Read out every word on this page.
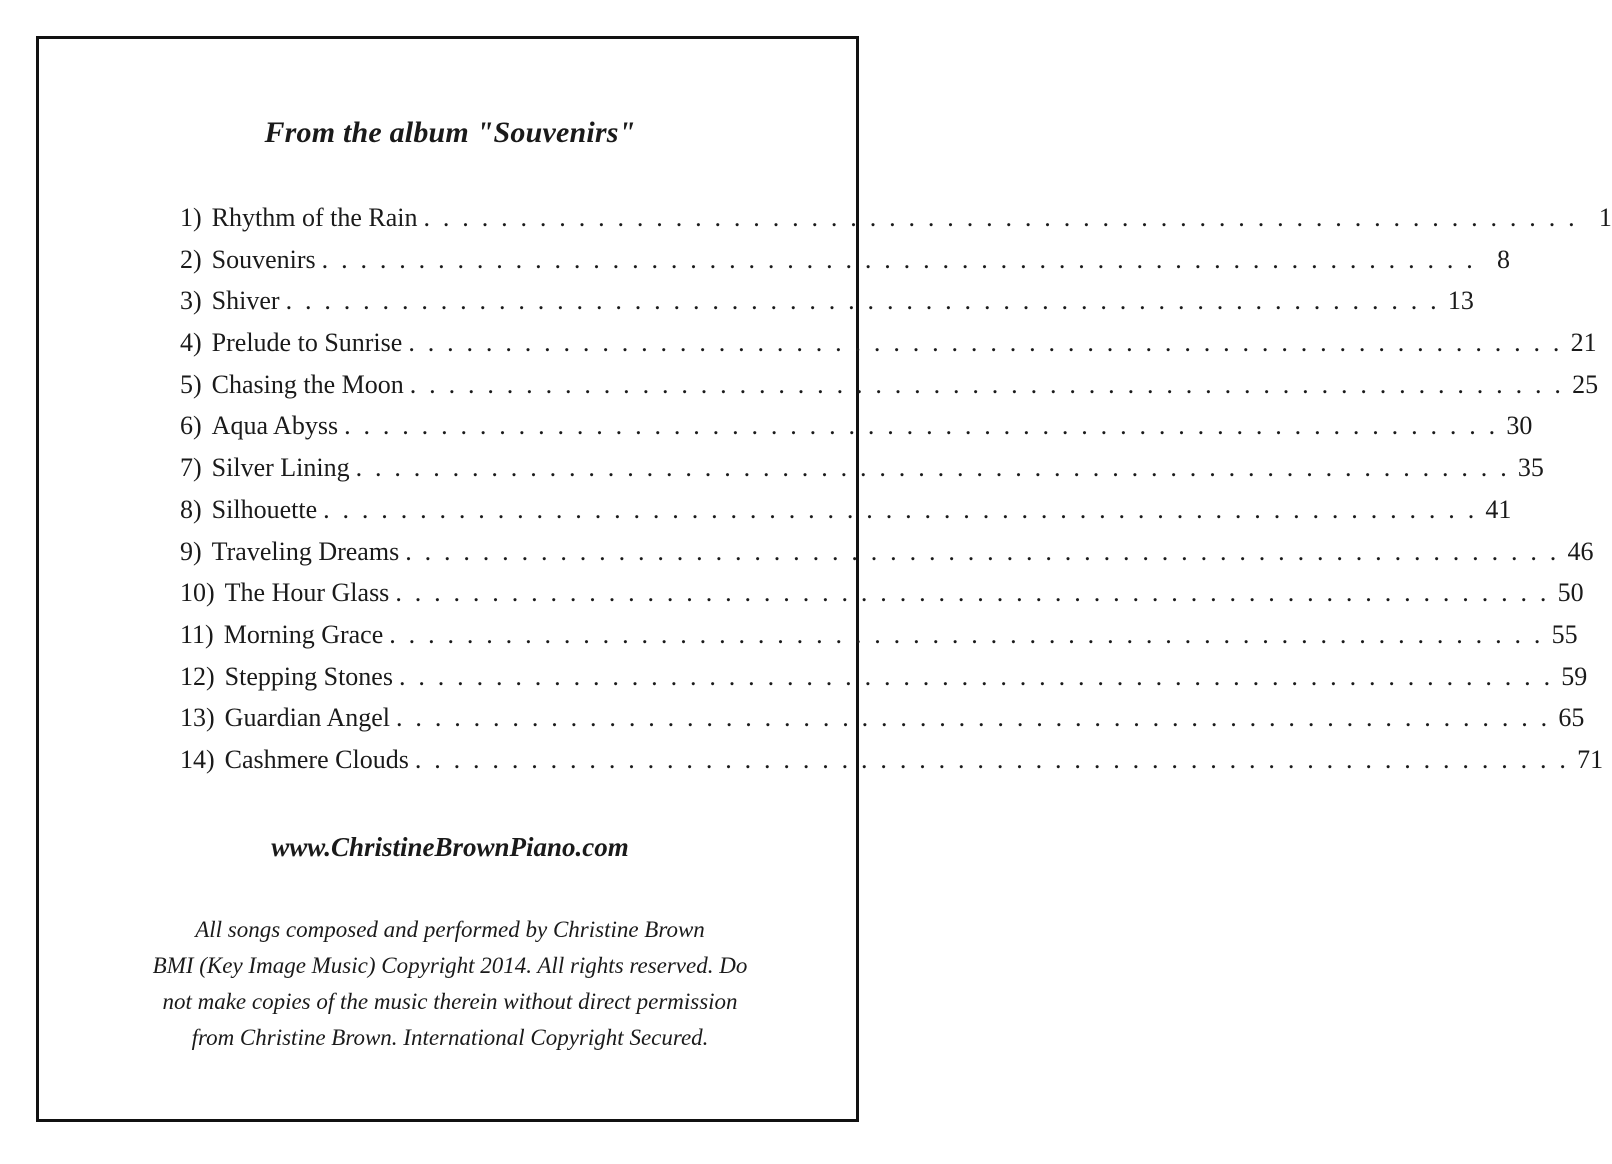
From the album "Souvenirs"
1) Rhythm of the Rain . . . . . . . . . . . . . . . . . . . . . . . . . . . . . . . . . . . . . . . . . . . . . . . . . . . . . . . . . . . . 1
2) Souvenirs . . . . . . . . . . . . . . . . . . . . . . . . . . . . . . . . . . . . . . . . . . . . . . . . . . . . . . . . . . . . 8
3) Shiver . . . . . . . . . . . . . . . . . . . . . . . . . . . . . . . . . . . . . . . . . . . . . . . . . . . . . . . . . . . . 13
4) Prelude to Sunrise . . . . . . . . . . . . . . . . . . . . . . . . . . . . . . . . . . . . . . . . . . . . . . . . . . . . . . . . . . . . 21
5) Chasing the Moon . . . . . . . . . . . . . . . . . . . . . . . . . . . . . . . . . . . . . . . . . . . . . . . . . . . . . . . . . . . . 25
6) Aqua Abyss . . . . . . . . . . . . . . . . . . . . . . . . . . . . . . . . . . . . . . . . . . . . . . . . . . . . . . . . . . . . 30
7) Silver Lining . . . . . . . . . . . . . . . . . . . . . . . . . . . . . . . . . . . . . . . . . . . . . . . . . . . . . . . . . . . . 35
8) Silhouette . . . . . . . . . . . . . . . . . . . . . . . . . . . . . . . . . . . . . . . . . . . . . . . . . . . . . . . . . . . . 41
9) Traveling Dreams . . . . . . . . . . . . . . . . . . . . . . . . . . . . . . . . . . . . . . . . . . . . . . . . . . . . . . . . . . . . 46
10) The Hour Glass . . . . . . . . . . . . . . . . . . . . . . . . . . . . . . . . . . . . . . . . . . . . . . . . . . . . . . . . . . . . 50
11) Morning Grace . . . . . . . . . . . . . . . . . . . . . . . . . . . . . . . . . . . . . . . . . . . . . . . . . . . . . . . . . . . . 55
12) Stepping Stones . . . . . . . . . . . . . . . . . . . . . . . . . . . . . . . . . . . . . . . . . . . . . . . . . . . . . . . . . . . . 59
13) Guardian Angel . . . . . . . . . . . . . . . . . . . . . . . . . . . . . . . . . . . . . . . . . . . . . . . . . . . . . . . . . . . . 65
14) Cashmere Clouds . . . . . . . . . . . . . . . . . . . . . . . . . . . . . . . . . . . . . . . . . . . . . . . . . . . . . . . . . . . . 71
www.ChristineBrownPiano.com
All songs composed and performed by Christine Brown
BMI (Key Image Music) Copyright 2014. All rights reserved. Do
not make copies of the music therein without direct permission
from Christine Brown. International Copyright Secured.
